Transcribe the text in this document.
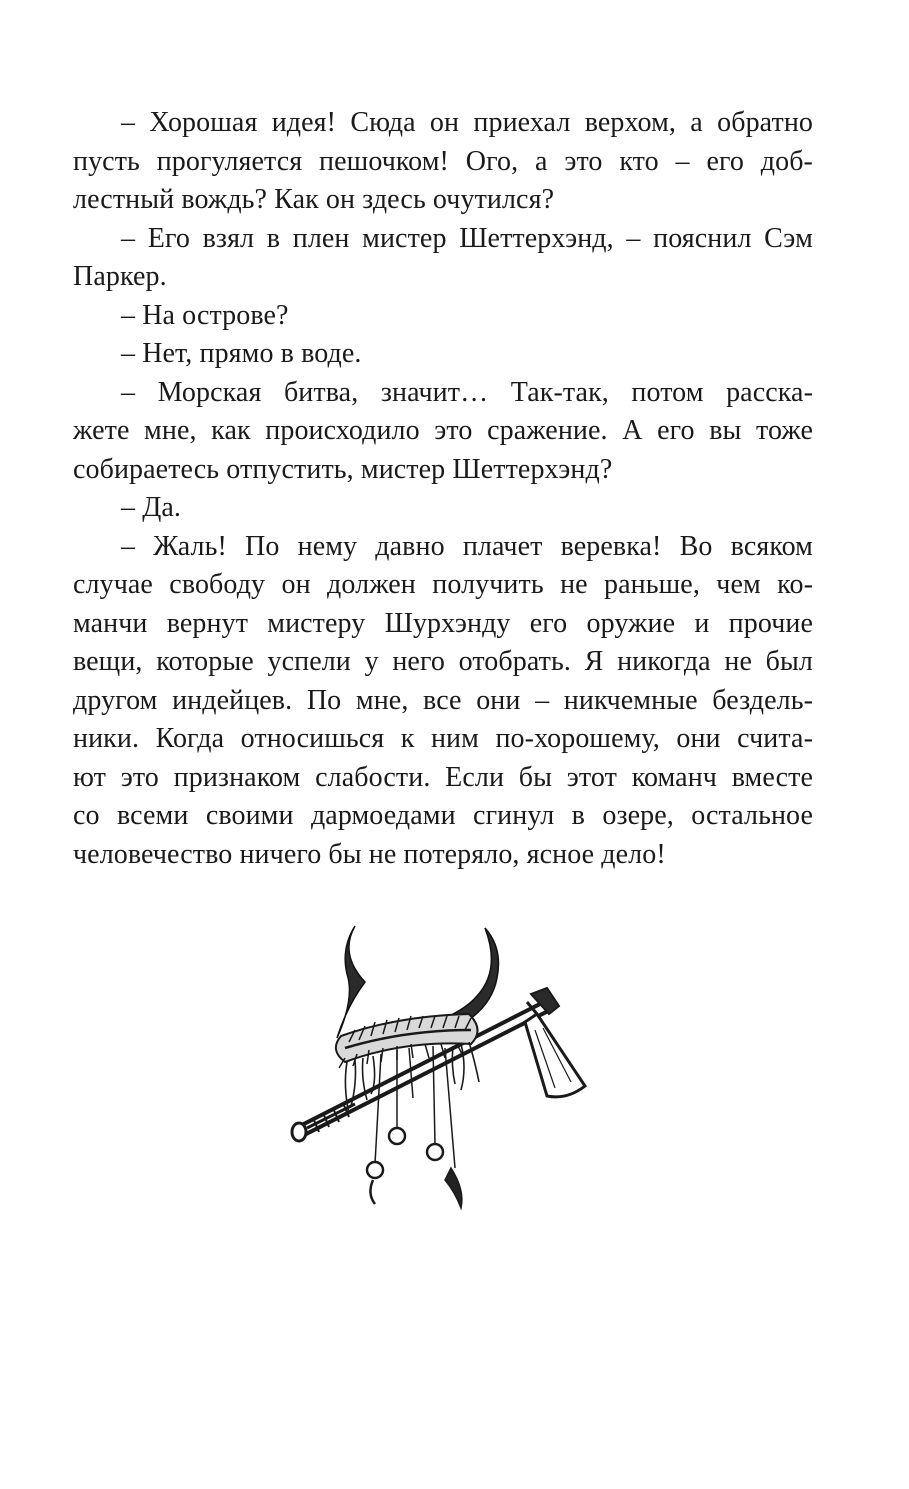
– Хорошая идея! Сюда он приехал верхом, а обратно
пусть прогуляется пешочком! Ого, а это кто – его доб-
лестный вождь? Как он здесь очутился?
– Его взял в плен мистер Шеттерхэнд, – пояснил Сэм
Паркер.
– На острове?
– Нет, прямо в воде.
– Морская битва, значит… Так-так, потом расска-
жете мне, как происходило это сражение. А его вы тоже
собираетесь отпустить, мистер Шеттерхэнд?
– Да.
– Жаль! По нему давно плачет веревка! Во всяком
случае свободу он должен получить не раньше, чем ко-
манчи вернут мистеру Шурхэнду его оружие и прочие
вещи, которые успели у него отобрать. Я никогда не был
другом индейцев. По мне, все они – никчемные бездель-
ники. Когда относишься к ним по-хорошему, они счита-
ют это признаком слабости. Если бы этот команч вместе
со всеми своими дармоедами сгинул в озере, остальное
человечество ничего бы не потеряло, ясное дело!
